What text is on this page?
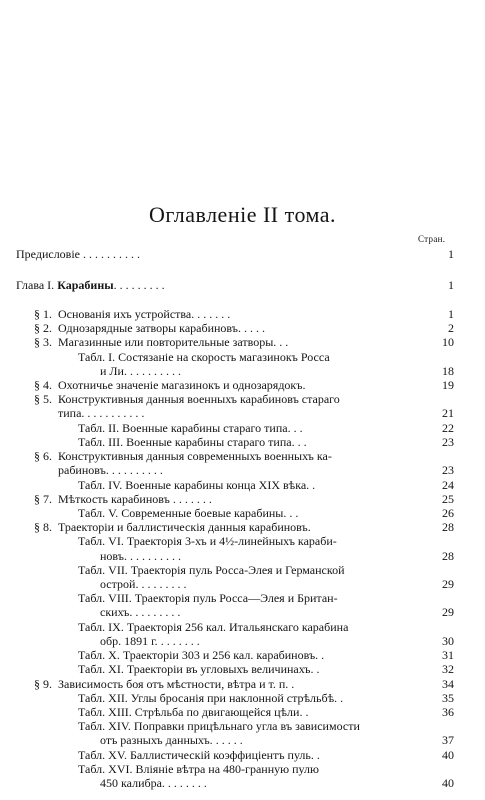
Оглавленіе II тома.
Стран.
Предисловіе . . . . . . . . . .	1
Глава I. Карабины. . . . . . . . .	1
§ 1. Основанія ихъ устройства. . . . . . .	1
§ 2. Однозарядные затворы карабиновъ. . . . .	2
§ 3. Магазинные или повторительные затворы. . .	10
Табл. I. Состязаніе на скорость магазинокъ Росса
и Ли. . . . . . . . . .	18
§ 4. Охотничье значеніе магазинокъ и однозарядокъ.	19
§ 5. Конструктивныя данныя военныхъ карабиновъ стараго
типа. . . . . . . . . . .	21
Табл. II. Военные карабины стараго типа. . .	22
Табл. III. Военные карабины стараго типа. . .	23
§ 6. Конструктивныя данныя современныхъ военныхъ ка-
рабиновъ. . . . . . . . . .	23
Табл. IV. Военные карабины конца XIX вѣка. .	24
§ 7. Мѣткость карабиновъ . . . . . . .	25
Табл. V. Современные боевые карабины. . .	26
§ 8. Траекторіи и баллистическія данныя карабиновъ.	28
Табл. VI. Траекторія 3-хъ и 4½-линейныхъ караби-
новъ. . . . . . . . . .	28
Табл. VII. Траекторія пуль Росса-Элея и Германской
острой. . . . . . . . .	29
Табл. VIII. Траекторія пуль Росса—Элея и Британ-
скихъ. . . . . . . . .	29
Табл. IX. Траекторія 256 кал. Итальянскаго карабина
обр. 1891 г. . . . . . . .	30
Табл. X. Траекторіи 303 и 256 кал. карабиновъ. .	31
Табл. XI. Траекторіи въ угловыхъ величинахъ. .	32
§ 9. Зависимость боя отъ мѣстности, вѣтра и т. п. .	34
Табл. XII. Углы бросанія при наклонной стрѣльбѣ. .	35
Табл. XIII. Стрѣльба по двигающейся цѣли. .	36
Табл. XIV. Поправки прицѣльнаго угла въ зависимости
отъ разныхъ данныхъ. . . . . .	37
Табл. XV. Баллистическій коэффиціентъ пуль. .	40
Табл. XVI. Вліяніе вѣтра на 480-гранную пулю
450 калибра. . . . . . . .	40
